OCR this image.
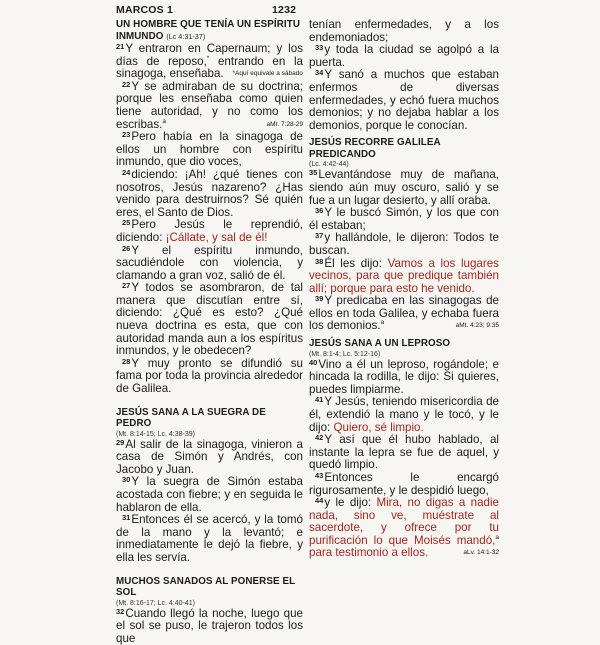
MARCOS 1	1232
UN HOMBRE QUE TENÍA UN ESPÍRITU INMUNDO (Lc 4:31-37)

$^{21}$Y entraron en Capernaum; y los días de reposo,* entrando en la sinagoga, enseñaba. *Aquí equivale a sábado

$^{22}$Y se admiraban de su doctrina; porque les enseñaba como quien tiene autoridad, y no como los escribas.$^a$	aMt. 7:28-29

$^{23}$Pero había en la sinagoga de ellos un hombre con espíritu inmundo, que dio voces,

$^{24}$diciendo: ¡Ah! ¿qué tienes con nosotros, Jesús nazareno? ¿Has venido para destruirnos? Sé quién eres, el Santo de Dios.

$^{25}$Pero Jesús le reprendió, diciendo: ¡Cállate, y sal de él!

$^{26}$Y el espíritu inmundo, sacudiéndole con violencia, y clamando a gran voz, salió de él.

$^{27}$Y todos se asombraron, de tal manera que discutían entre sí, diciendo: ¿Qué es esto? ¿Qué nueva doctrina es esta, que con autoridad manda aun a los espíritus inmundos, y le obedecen?

$^{28}$Y muy pronto se difundió su fama por toda la provincia alrededor de Galilea.

JESÚS SANA A LA SUEGRA DE PEDRO
(Mt. 8:14-15; Lc. 4:38-39)

$^{29}$Al salir de la sinagoga, vinieron a casa de Simón y Andrés, con Jacobo y Juan.

$^{30}$Y la suegra de Simón estaba acostada con fiebre; y en seguida le hablaron de ella.

$^{31}$Entonces él se acercó, y la tomó de la mano y la levantó; e inmediatamente le dejó la fiebre, y ella les servía.

MUCHOS SANADOS AL PONERSE EL SOL
(Mt. 8:16-17; Lc. 4:40-41)

$^{32}$Cuando llegó la noche, luego que el sol se puso, le trajeron todos los que

tenían enfermedades, y a los endemoniados;

$^{33}$y toda la ciudad se agolpó a la puerta.

$^{34}$Y sanó a muchos que estaban enfermos de diversas enfermedades, y echó fuera muchos demonios; y no dejaba hablar a los demonios, porque le conocían.

JESÚS RECORRE GALILEA PREDICANDO
(Lc. 4:42-44)

$^{35}$Levantándose muy de mañana, siendo aún muy oscuro, salió y se fue a un lugar desierto, y allí oraba.

$^{36}$Y le buscó Simón, y los que con él estaban;

$^{37}$y hallándole, le dijeron: Todos te buscan.

$^{38}$Él les dijo: Vamos a los lugares vecinos, para que predique también allí; porque para esto he venido.

$^{39}$Y predicaba en las sinagogas de ellos en toda Galilea, y echaba fuera los demonios.$^a$	aMt. 4:23; 9:35

JESÚS SANA A UN LEPROSO
(Mt. 8:1-4; Lc. 5:12-16)

$^{40}$Vino a él un leproso, rogándole; e hincada la rodilla, le dijo: Si quieres, puedes limpiarme.

$^{41}$Y Jesús, teniendo misericordia de él, extendió la mano y le tocó, y le dijo: Quiero, sé limpio.

$^{42}$Y así que él hubo hablado, al instante la lepra se fue de aquel, y quedó limpio.

$^{43}$Entonces le encargó rigurosamente, y le despidió luego,

$^{44}$y le dijo: Mira, no digas a nadie nada, sino ve, muéstrate al sacerdote, y ofrece por tu purificación lo que Moisés mandó,$^a$ para testimonio a ellos.	aLv. 14:1-32
